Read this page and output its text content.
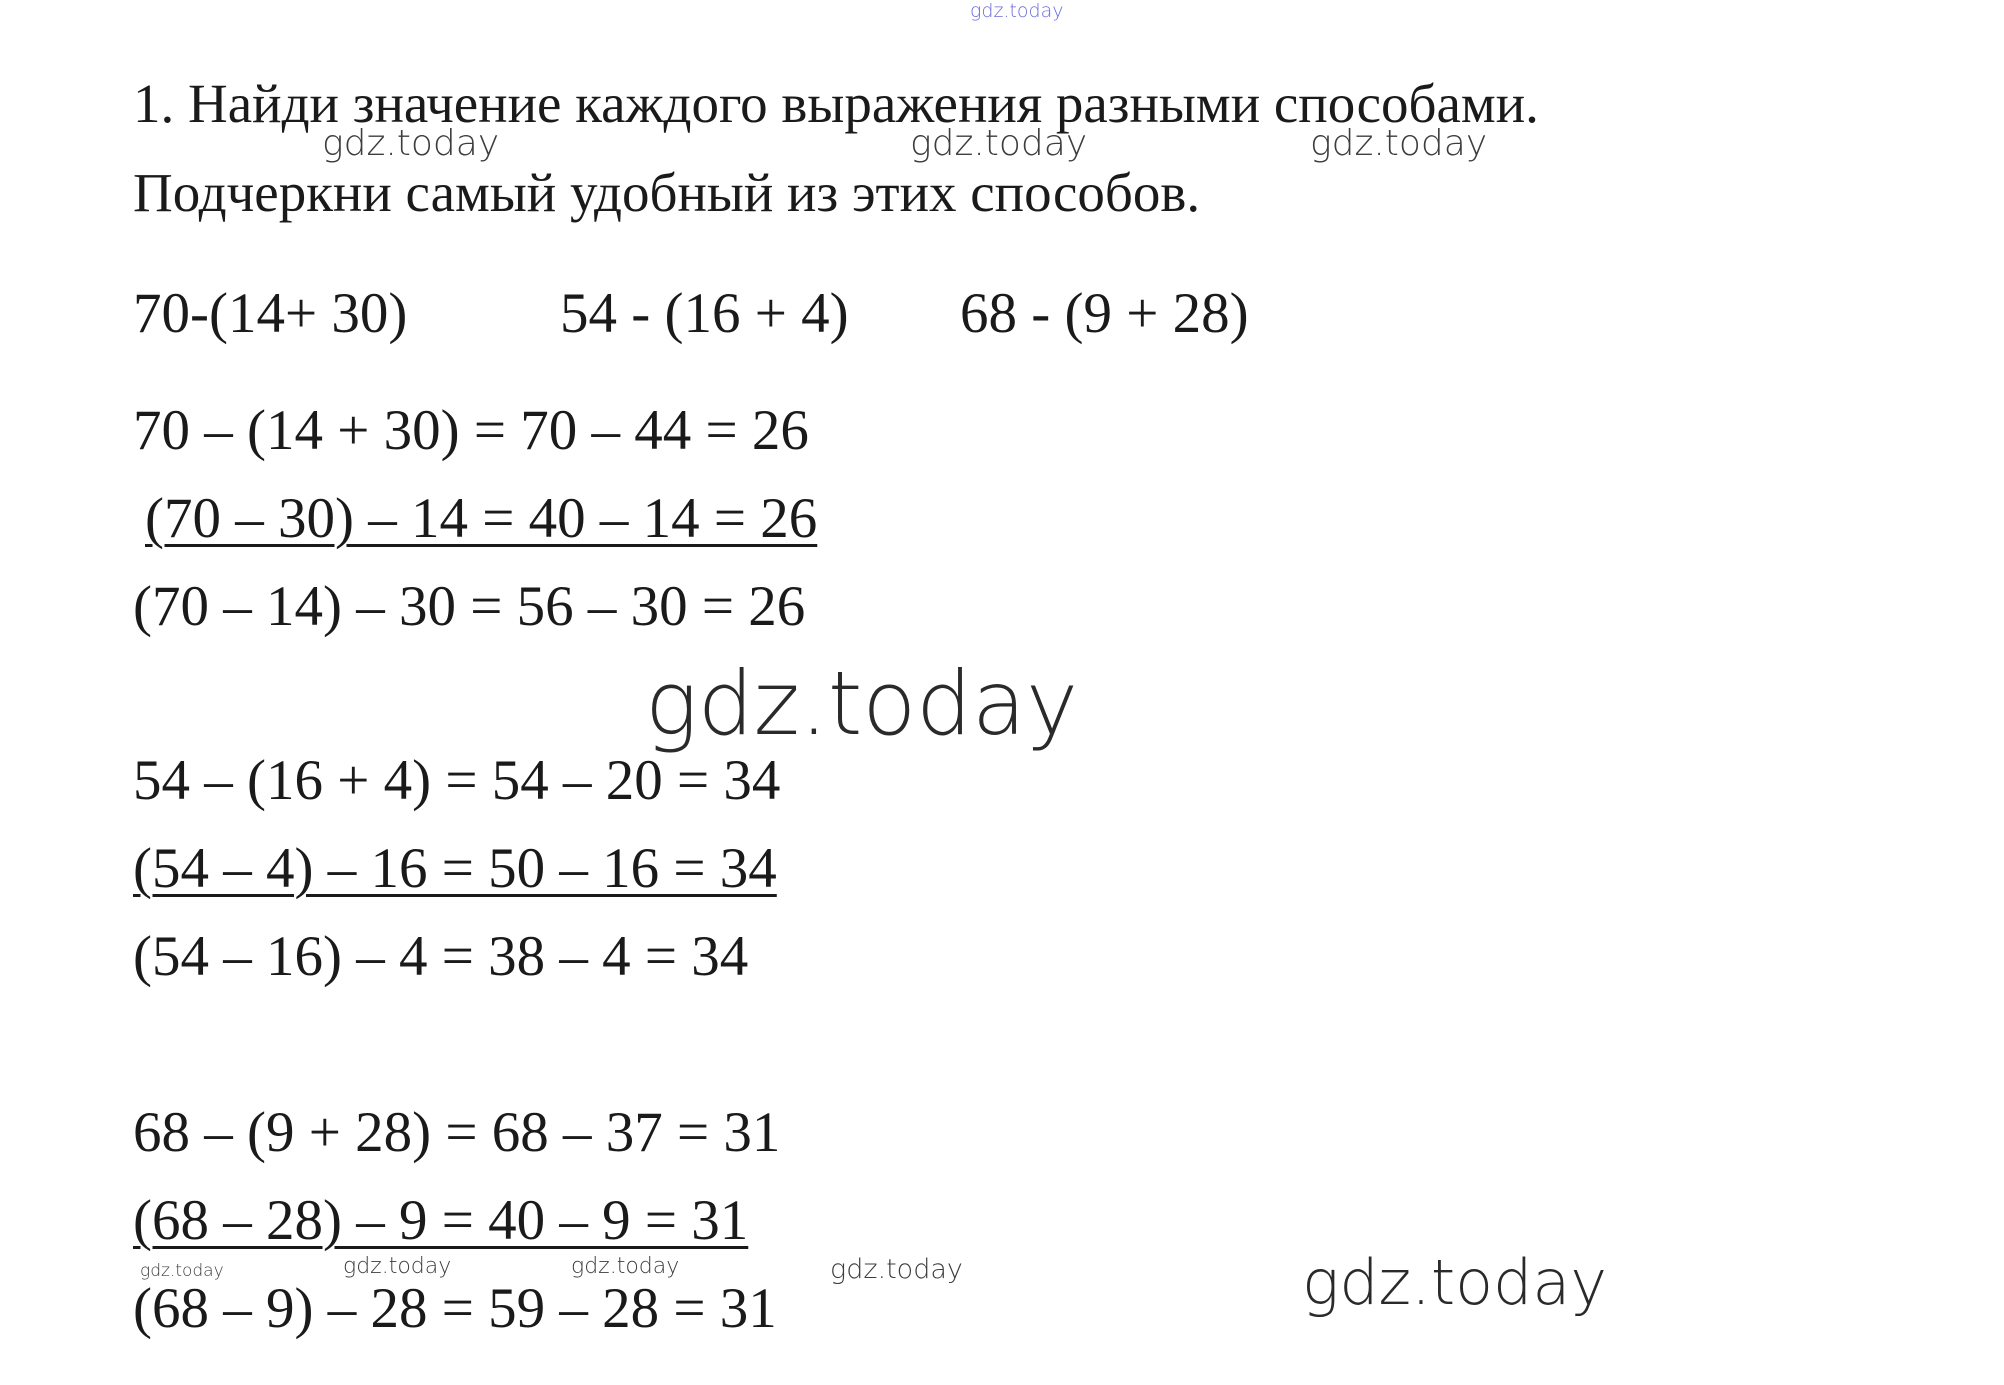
gdz.today
gdz.today	gdz.today	gdz.today
gdz.today
gdz.today	gdz.today	gdz.today	gdz.today	gdz.today
1. Найди значение каждого выражения разными способами.
Подчеркни самый удобный из этих способов.
70-(14+ 30)	54 - (16 + 4) 68 - (9 + 28)
70 – (14 + 30) = 70 – 44 = 26
(70 – 30) – 14 = 40 – 14 = 26
(70 – 14) – 30 = 56 – 30 = 26
54 – (16 + 4) = 54 – 20 = 34
(54 – 4) – 16 = 50 – 16 = 34
(54 – 16) – 4 = 38 – 4 = 34
68 – (9 + 28) = 68 – 37 = 31
(68 – 28) – 9 = 40 – 9 = 31
(68 – 9) – 28 = 59 – 28 = 31
